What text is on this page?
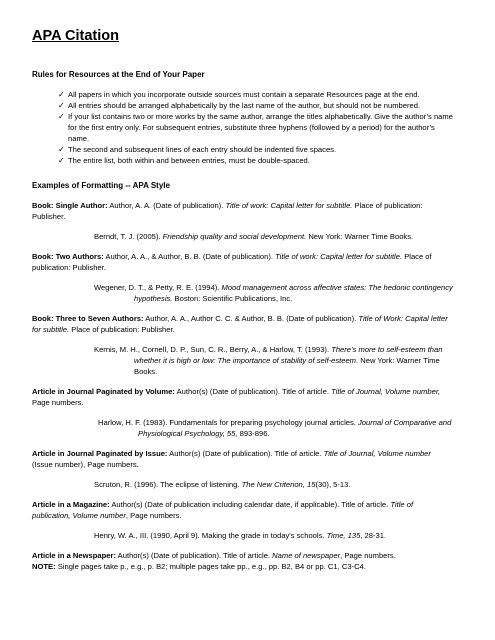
APA Citation
Rules for Resources at the End of Your Paper
✓ All papers in which you incorporate outside sources must contain a separate Resources page at the end.
✓ All entries should be arranged alphabetically by the last name of the author, but should not be numbered.
✓ If your list contains two or more works by the same author, arrange the titles alphabetically. Give the author’s name for the first entry only. For subsequent entries, substitute three hyphens (followed by a period) for the author’s name.
✓ The second and subsequent lines of each entry should be indented five spaces.
✓ The entire list, both within and between entries, must be double-spaced.
Examples of Formatting -- APA Style
Book: Single Author: Author, A. A. (Date of publication). Title of work: Capital letter for subtitle. Place of publication: Publisher.
Berndt, T. J. (2005). Friendship quality and social development. New York: Warner Time Books.
Book: Two Authors: Author, A. A., & Author, B. B. (Date of publication). Title of work: Capital letter for subtitle. Place of publication: Publisher.
Wegener, D. T., & Petty, R. E. (1994). Mood management across affective states: The hedonic contingency hypothesis. Boston: Scientific Publications, Inc.
Book: Three to Seven Authors: Author, A. A., Author C. C. & Author, B. B. (Date of publication). Title of Work: Capital letter for subtitle. Place of publication: Publisher.
Kernis, M. H., Cornell, D. P., Sun, C. R., Berry, A., & Harlow, T. (1993). There’s more to self-esteem than whether it is high or low: The importance of stability of self-esteem. New York: Warner Time Books.
Article in Journal Paginated by Volume: Author(s) (Date of publication). Title of article. Title of Journal, Volume number, Page numbers.
Harlow, H. F. (1983). Fundamentals for preparing psychology journal articles. Journal of Comparative and Physiological Psychology, 55, 893-896.
Article in Journal Paginated by Issue: Author(s) (Date of publication). Title of article. Title of Journal, Volume number (Issue number), Page numbers.
Scruton, R. (1996). The eclipse of listening. The New Criterion, 15(30), 5-13.
Article in a Magazine: Author(s) (Date of publication including calendar date, if applicable). Title of article. Title of publication, Volume number, Page numbers.
Henry, W. A., III. (1990, April 9). Making the grade in today's schools. Time, 135, 28-31.
Article in a Newspaper: Author(s) (Date of publication). Title of article. Name of newspaper, Page numbers.
NOTE: Single pages take p., e.g., p. B2; multiple pages take pp., e.g., pp. B2, B4 or pp. C1, C3-C4.
